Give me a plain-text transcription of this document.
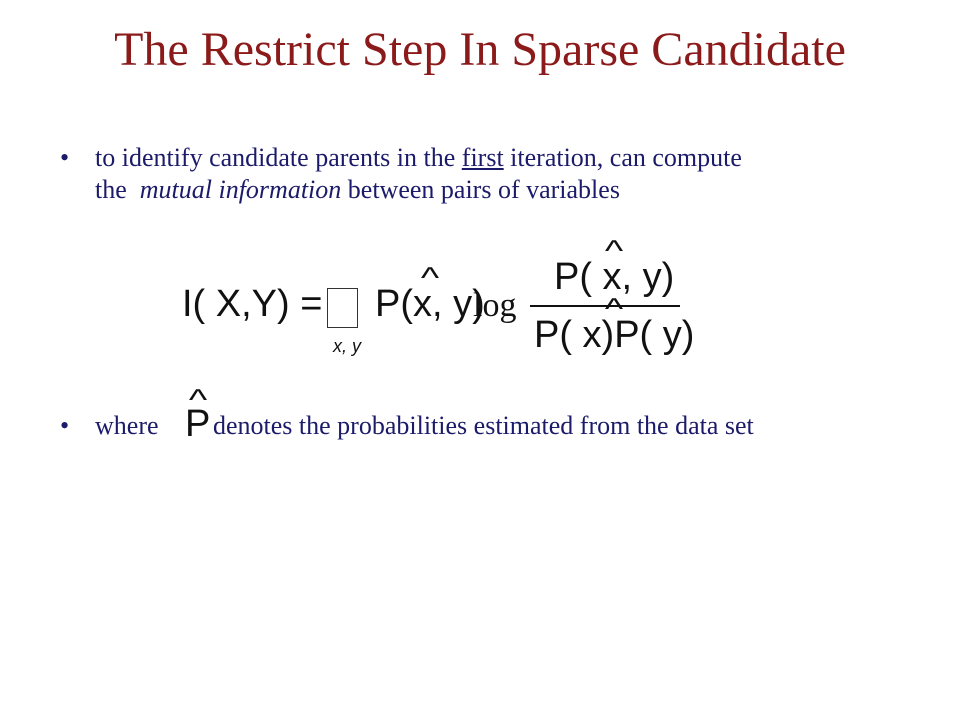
The Restrict Step In Sparse Candidate
• to identify candidate parents in the first iteration, can compute
the  mutual information between pairs of variables
I( X,Y) =
x, y
^ P(x, y)
log
^ P( x, y)
^ P( x)P( y)
• where
^ P denotes the probabilities estimated from the data set
